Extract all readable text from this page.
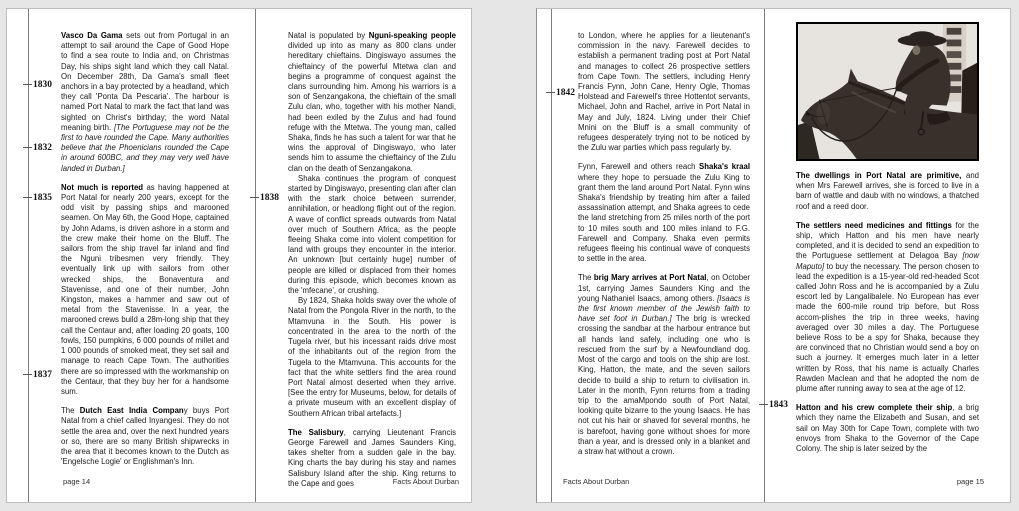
1830
1832
1835
1837
1838

Vasco Da Gama sets out from Portugal in an attempt to sail around the Cape of Good Hope to find a sea route to India and, on Christmas Day, his ships sight land which they call Natal. On December 28th, Da Gama's small fleet anchors in a bay protected by a headland, which they call 'Ponta Da Pescaria'. The harbour is named Port Natal to mark the fact that land was sighted on Christ's birthday; the word Natal meaning birth. [The Portuguese may not be the first to have rounded the Cape. Many authorities believe that the Phoenicians rounded the Cape in around 600BC, and they may very well have landed in Durban.]

Not much is reported as having happened at Port Natal for nearly 200 years, except for the odd visit by passing ships and marooned seamen. On May 6th, the Good Hope, captained by John Adams, is driven ashore in a storm and the crew make their home on the Bluff. The sailors from the ship travel far inland and find the Nguni tribesmen very friendly. They eventually link up with sailors from other wrecked ships, the Bonaventura and Stavenisse, and one of their number, John Kingston, makes a hammer and saw out of metal from the Stavenisse. In a year, the marooned crews build a 28m-long ship that they call the Centaur and, after loading 20 goats, 100 fowls, 150 pumpkins, 6 000 pounds of millet and 1 000 pounds of smoked meat, they set sail and manage to reach Cape Town. The authorities there are so impressed with the workmanship on the Centaur, that they buy her for a handsome sum.

The Dutch East India Company buys Port Natal from a chief called Inyangesi. They do not settle the area and, over the next hundred years or so, there are so many British shipwrecks in the area that it becomes known to the Dutch as 'Engelsche Logie' or Englishman's Inn.

Natal is populated by Nguni-speaking people divided up into as many as 800 clans under hereditary chieftains. Dingiswayo assumes the chieftaincy of the powerful Mtetwa clan and begins a programme of conquest against the clans surrounding him. Among his warriors is a son of Senzangakona, the chieftain of the small Zulu clan, who, together with his mother Nandi, had been exiled by the Zulus and had found refuge with the Mtetwa. The young man, called Shaka, finds he has such a talent for war that he wins the approval of Dingiswayo, who later sends him to assume the chieftaincy of the Zulu clan on the death of Senzangakona.

Shaka continues the program of conquest started by Dingiswayo, presenting clan after clan with the stark choice between surrender, annihilation, or headlong flight out of the region. A wave of conflict spreads outwards from Natal over much of Southern Africa, as the people fleeing Shaka come into violent competition for land with groups they encounter in the interior. An unknown [but certainly huge] number of people are killed or displaced from their homes during this episode, which becomes known as the 'mfecane', or crushing.

By 1824, Shaka holds sway over the whole of Natal from the Pongola River in the north, to the Mtamvuna in the South. His power is concentrated in the area to the north of the Tugela river, but his incessant raids drive most of the inhabitants out of the region from the Tugela to the Mtamvuna. This accounts for the fact that the white settlers find the area round Port Natal almost deserted when they arrive. [See the entry for Museums, below, for details of a private museum with an excellent display of Southern African tribal artefacts.]

The Salisbury, carrying Lieutenant Francis George Farewell and James Saunders King, takes shelter from a sudden gale in the bay. King charts the bay during his stay and names Salisbury Island after the ship. King returns to the Cape and goes

page 14	Facts About Durban
1842
1843

to London, where he applies for a lieutenant's commission in the navy. Farewell decides to establish a permanent trading post at Port Natal and manages to collect 26 prospective settlers from Cape Town. The settlers, including Henry Francis Fynn, John Cane, Henry Ogle, Thomas Holstead and Farewell's three Hottentot servants, Michael, John and Rachel, arrive in Port Natal in May and July, 1824. Living under their Chief Mnini on the Bluff is a small community of refugees desperately trying not to be noticed by the Zulu war parties which pass regularly by.

Fynn, Farewell and others reach Shaka's kraal where they hope to persuade the Zulu King to grant them the land around Port Natal. Fynn wins Shaka's friendship by treating him after a failed assassination attempt, and Shaka agrees to cede the land stretching from 25 miles north of the port to 10 miles south and 100 miles inland to F.G. Farewell and Company. Shaka even permits refugees fleeing his continual wave of conquests to settle in the area.

The brig Mary arrives at Port Natal, on October 1st, carrying James Saunders King and the young Nathaniel Isaacs, among others. [Isaacs is the first known member of the Jewish faith to have set foot in Durban.] The brig is wrecked crossing the sandbar at the harbour entrance but all hands land safely, including one who is rescued from the surf by a Newfoundland dog. Most of the cargo and tools on the ship are lost. King, Hatton, the mate, and the seven sailors decide to build a ship to return to civilisation in. Later in the month, Fynn returns from a trading trip to the amaMpondo south of Port Natal, looking quite bizarre to the young Isaacs. He has not cut his hair or shaved for several months, he is barefoot, having gone without shoes for more than a year, and is dressed only in a blanket and a straw hat without a crown.

The dwellings in Port Natal are primitive, and when Mrs Farewell arrives, she is forced to live in a barn of wattle and daub with no windows, a thatched roof and a reed door.

The settlers need medicines and fittings for the ship, which Hatton and his men have nearly completed, and it is decided to send an expedition to the Portuguese settlement at Delagoa Bay [now Maputo] to buy the necessary. The person chosen to lead the expedition is a 15-year-old red-headed Scot called John Ross and he is accompanied by a Zulu escort led by Langalibalele. No European has ever made the 600-mile round trip before, but Ross accom-plishes the trip in three weeks, having averaged over 30 miles a day. The Portuguese believe Ross to be a spy for Shaka, because they are convinced that no Christian would send a boy on such a journey. It emerges much later in a letter written by Ross, that his name is actually Charles Rawden Maclean and that he adopted the nom de plume after running away to sea at the age of 12.

Hatton and his crew complete their ship, a brig which they name the Elizabeth and Susan, and set sail on May 30th for Cape Town, complete with two envoys from Shaka to the Governor of the Cape Colony. The ship is later seized by the

Facts About Durban	page 15
